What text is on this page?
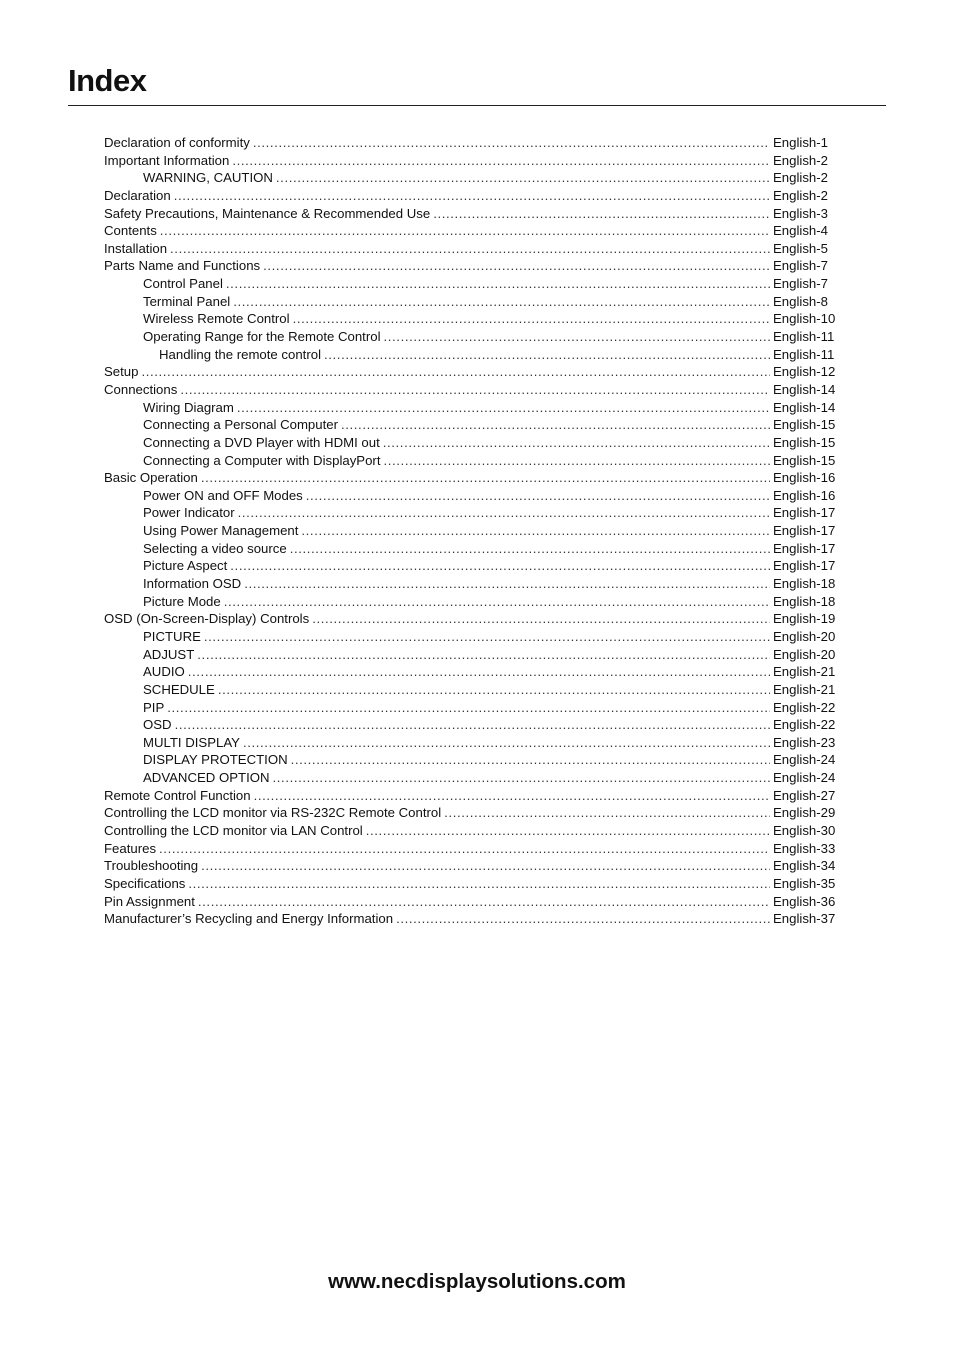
Index
Declaration of conformity .....	English-1
Important Information .....	English-2
WARNING, CAUTION .....	English-2
Declaration .....	English-2
Safety Precautions, Maintenance & Recommended Use .....	English-3
Contents .....	English-4
Installation .....	English-5
Parts Name and Functions .....	English-7
Control Panel .....	English-7
Terminal Panel .....	English-8
Wireless Remote Control .....	English-10
Operating Range for the Remote Control .....	English-11
Handling the remote control .....	English-11
Setup .....	English-12
Connections .....	English-14
Wiring Diagram .....	English-14
Connecting a Personal Computer .....	English-15
Connecting a DVD Player with HDMI out .....	English-15
Connecting a Computer with DisplayPort .....	English-15
Basic Operation .....	English-16
Power ON and OFF Modes .....	English-16
Power Indicator .....	English-17
Using Power Management .....	English-17
Selecting a video source .....	English-17
Picture Aspect .....	English-17
Information OSD .....	English-18
Picture Mode .....	English-18
OSD (On-Screen-Display) Controls .....	English-19
PICTURE .....	English-20
ADJUST .....	English-20
AUDIO .....	English-21
SCHEDULE .....	English-21
PIP .....	English-22
OSD .....	English-22
MULTI DISPLAY .....	English-23
DISPLAY PROTECTION .....	English-24
ADVANCED OPTION .....	English-24
Remote Control Function .....	English-27
Controlling the LCD monitor via RS-232C Remote Control .....	English-29
Controlling the LCD monitor via LAN Control .....	English-30
Features .....	English-33
Troubleshooting .....	English-34
Specifications .....	English-35
Pin Assignment .....	English-36
Manufacturer’s Recycling and Energy Information .....	English-37
www.necdisplaysolutions.com
